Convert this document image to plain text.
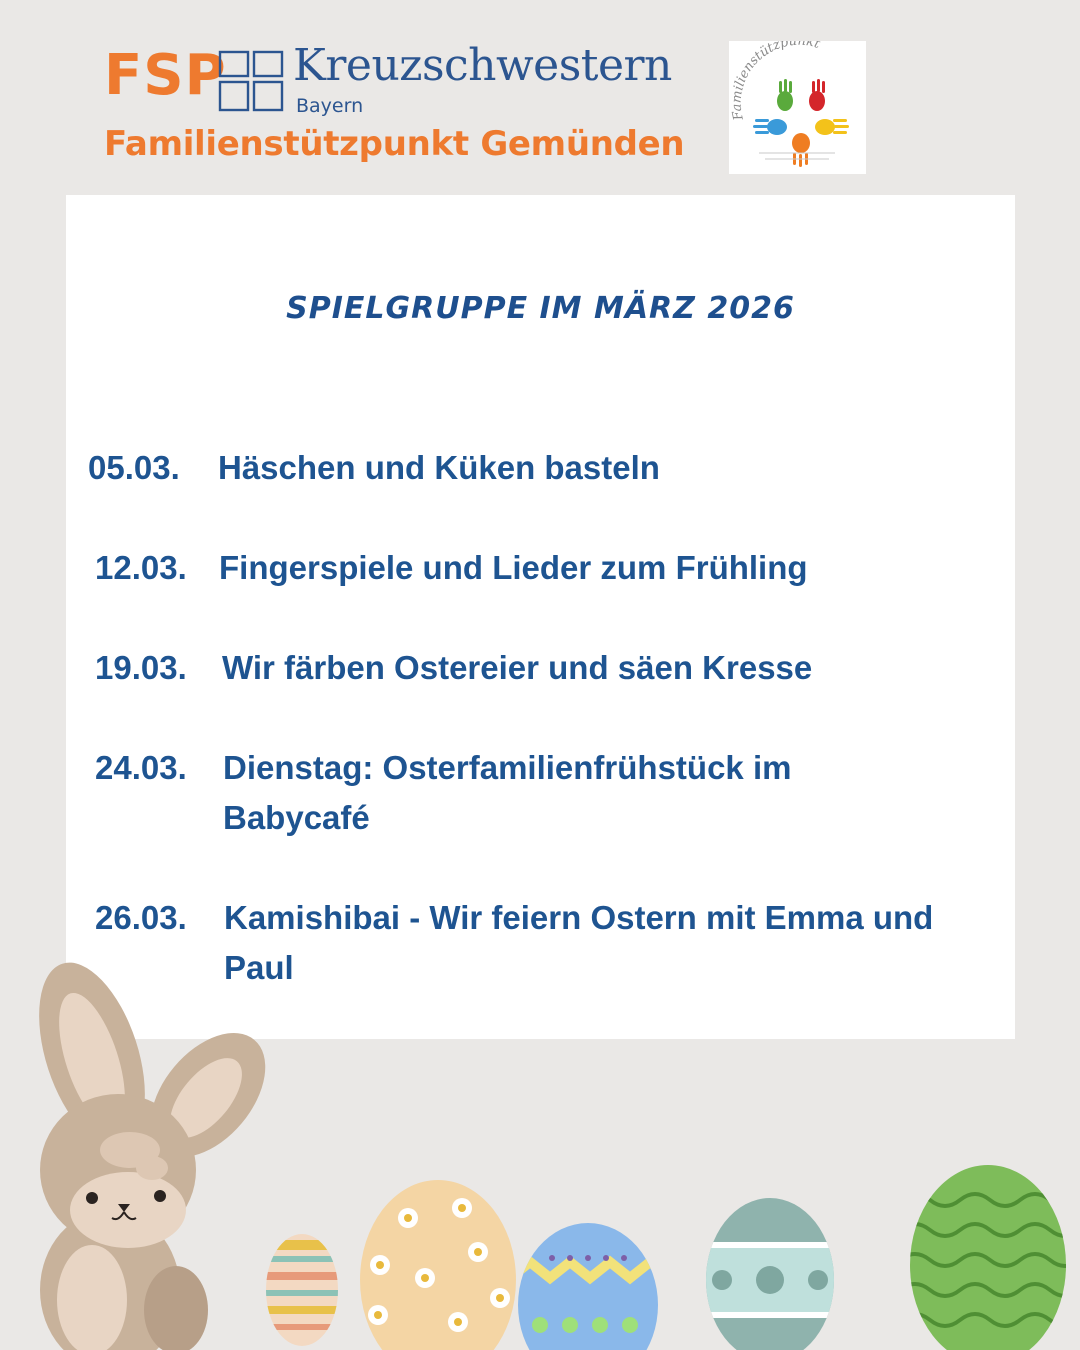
FSP Kreuzschwestern
Bayern
Familienstützpunkt Gemünden
Familienstützpunkt
SPIELGRUPPE IM MÄRZ 2026
05.03. Häschen und Küken basteln
12.03. Fingerspiele und Lieder zum Frühling
19.03. Wir färben Ostereier und säen Kresse
24.03. Dienstag: Osterfamilienfrühstück im Babycafé
26.03. Kamishibai - Wir feiern Ostern mit Emma und Paul
